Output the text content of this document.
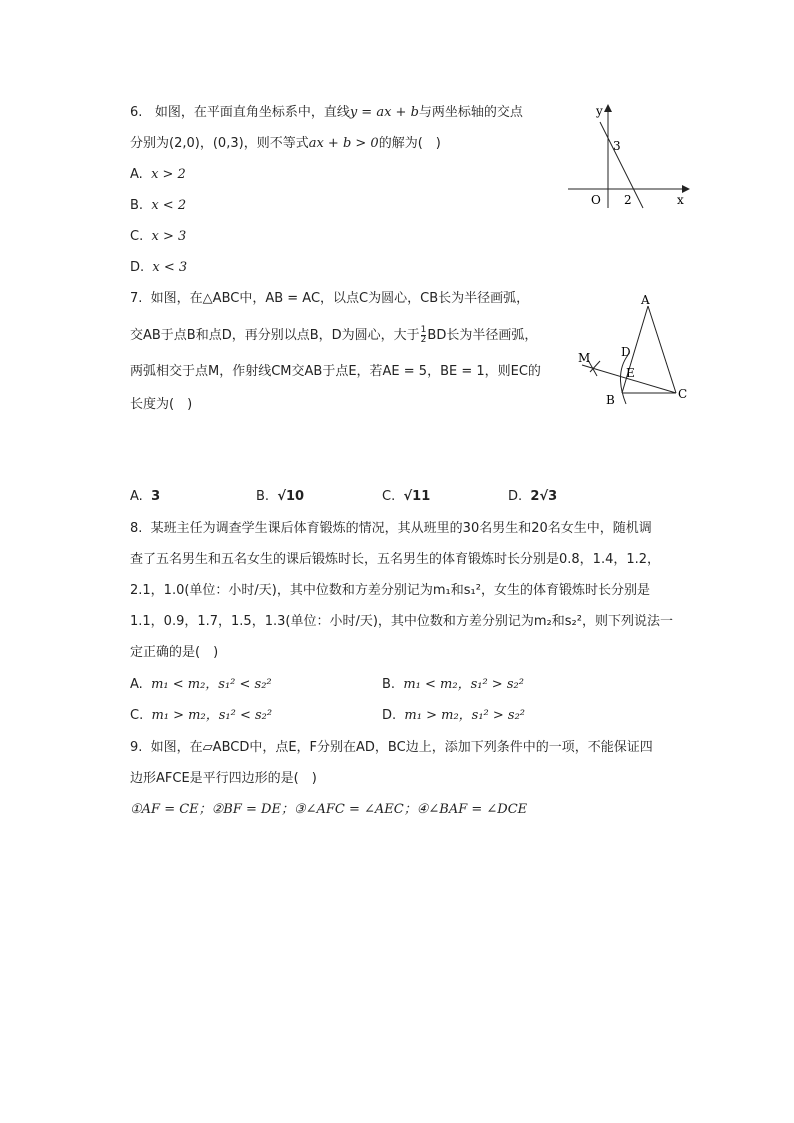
6. 如图，在平面直角坐标系中，直线y = ax + b与两坐标轴的交点
分别为(2,0)，(0,3)，则不等式ax + b > 0的解为(　)
A. x > 2
B. x < 2
C. x > 3
D. x < 3
y
x
O
3
2
7. 如图，在△ABC中，AB = AC，以点C为圆心，CB长为半径画弧，
交AB于点B和点D，再分别以点B，D为圆心，大于 $\frac{1}{2}$ BD长为半径画弧，
两弧相交于点M，作射线CM交AB于点E，若AE = 5，BE = 1，则EC的
长度为(　)
A
B	C
D
E
M
A. 3	B. √10	C. √11	D. 2√3
8. 某班主任为调查学生课后体育锻炼的情况，其从班里的30名男生和20名女生中，随机调
查了五名男生和五名女生的课后锻炼时长，五名男生的体育锻炼时长分别是0.8，1.4，1.2，
2.1，1.0(单位：小时/天)，其中位数和方差分别记为m₁和s₁²，女生的体育锻炼时长分别是
1.1，0.9，1.7，1.5，1.3(单位：小时/天)，其中位数和方差分别记为m₂和s₂²，则下列说法一
定正确的是(　)
A. m₁ < m₂，s₁² < s₂²	B. m₁ < m₂，s₁² > s₂²
C. m₁ > m₂，s₁² < s₂²	D. m₁ > m₂，s₁² > s₂²
9. 如图，在▱ABCD中，点E，F分别在AD，BC边上，添加下列条件中的一项，不能保证四
边形AFCE是平行四边形的是(　)
①AF = CE；②BF = DE；③∠AFC = ∠AEC；④∠BAF = ∠DCE
